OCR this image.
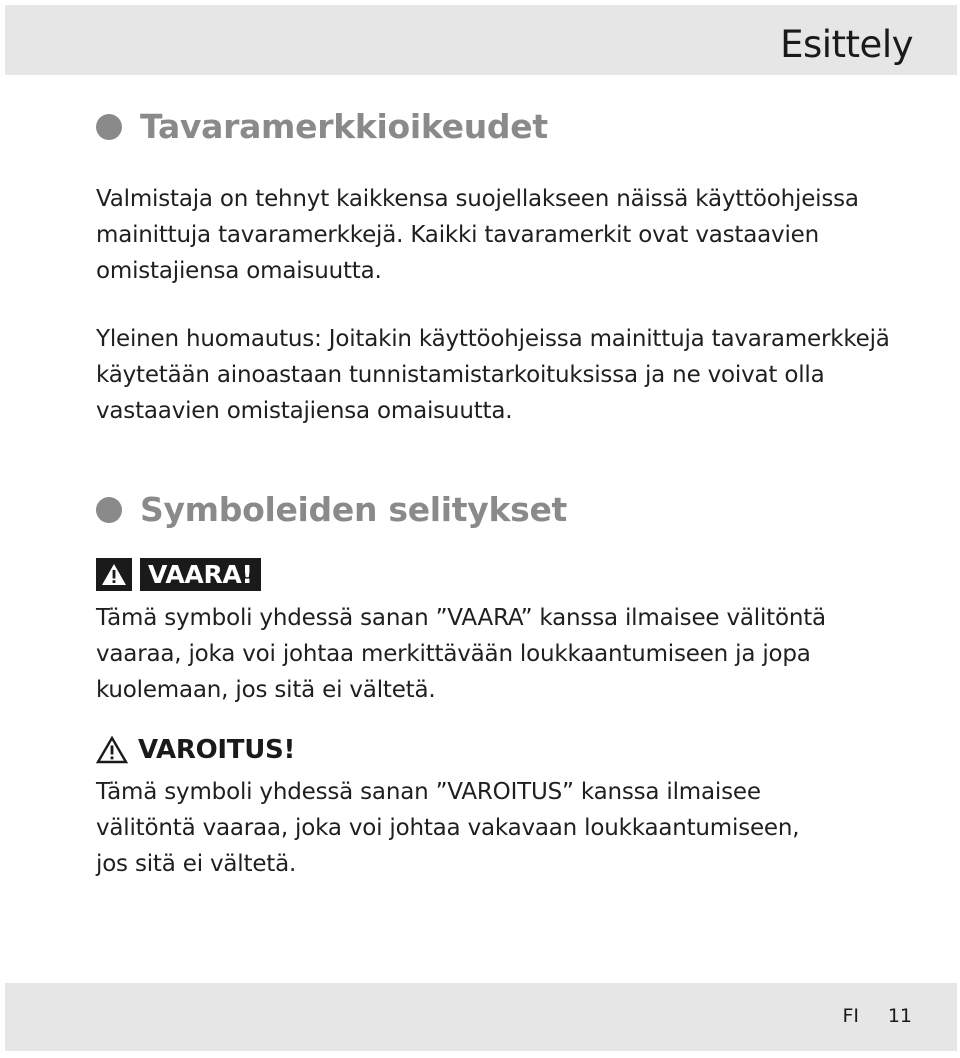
Esittely
Tavaramerkkioikeudet

Valmistaja on tehnyt kaikkensa suojellakseen näissä käyttöohjeissa
mainittuja tavaramerkkejä. Kaikki tavaramerkit ovat vastaavien
omistajiensa omaisuutta.

Yleinen huomautus: Joitakin käyttöohjeissa mainittuja tavaramerkkejä
käytetään ainoastaan tunnistamistarkoituksissa ja ne voivat olla
vastaavien omistajiensa omaisuutta.

Symboleiden selitykset
VAARA!

Tämä symboli yhdessä sanan ”VAARA” kanssa ilmaisee välitöntä
vaaraa, joka voi johtaa merkittävään loukkaantumiseen ja jopa
kuolemaan, jos sitä ei vältetä.

VAROITUS!

Tämä symboli yhdessä sanan ”VAROITUS” kanssa ilmaisee
välitöntä vaaraa, joka voi johtaa vakavaan loukkaantumiseen,
jos sitä ei vältetä.

FI 11
